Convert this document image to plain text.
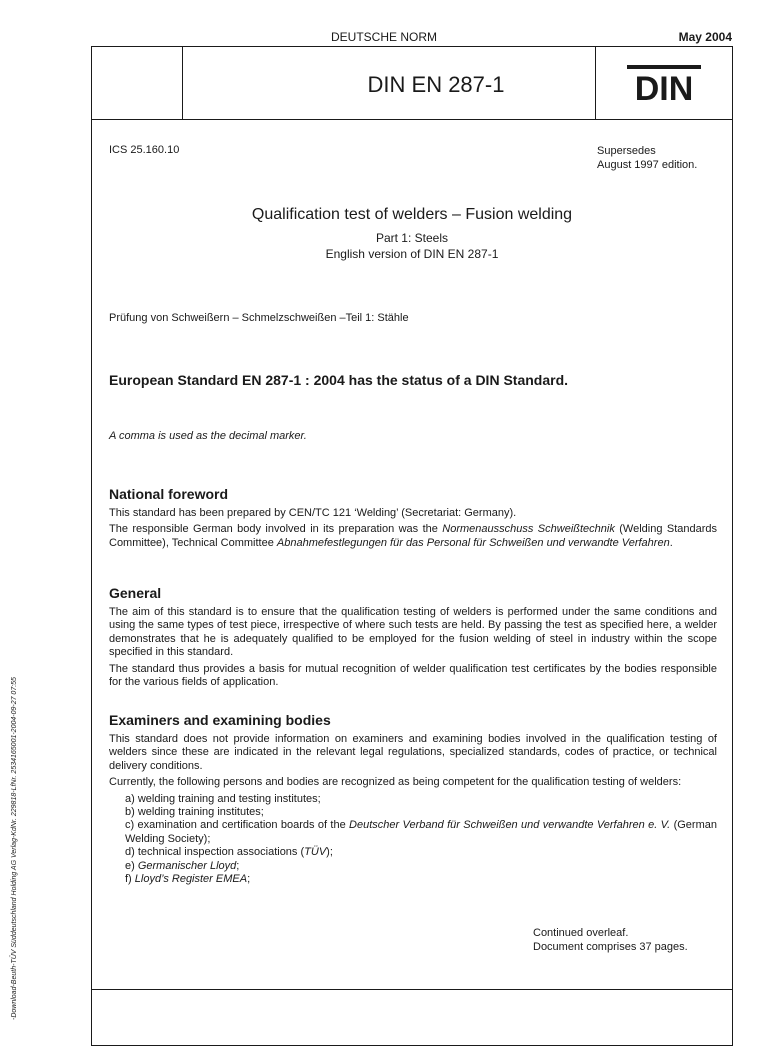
DEUTSCHE NORM	May 2004
DIN EN 287-1	DIN
ICS 25.160.10	Supersedes
August 1997 edition.
Qualification test of welders – Fusion welding
Part 1: Steels
English version of DIN EN 287-1
Prüfung von Schweißern – Schmelzschweißen –Teil 1: Stähle
European Standard EN 287-1 : 2004 has the status of a DIN Standard.
A comma is used as the decimal marker.
National foreword

This standard has been prepared by CEN/TC 121 ‘Welding’ (Secretariat: Germany).

The responsible German body involved in its preparation was the Normenausschuss Schweißtechnik (Welding Standards Committee), Technical Committee Abnahmefestlegungen für das Personal für Schweißen und verwandte Verfahren.

General

The aim of this standard is to ensure that the qualification testing of welders is performed under the same conditions and using the same types of test piece, irrespective of where such tests are held. By passing the test as specified here, a welder demonstrates that he is adequately qualified to be employed for the fusion welding of steel in industry within the scope specified in this standard.

The standard thus provides a basis for mutual recognition of welder qualification test certificates by the bodies responsible for the various fields of application.

Examiners and examining bodies

This standard does not provide information on examiners and examining bodies involved in the qualification testing of welders since these are indicated in the relevant legal regulations, specialized standards, codes of practice, or technical delivery conditions.

Currently, the following persons and bodies are recognized as being competent for the qualification testing of welders:

a) welding training and testing institutes;
b) welding training institutes;
c) examination and certification boards of the Deutscher Verband für Schweißen und verwandte Verfahren e. V. (German Welding Society);
d) technical inspection associations (TÜV);
e) Germanischer Lloyd;
f) Lloyd’s Register EMEA;
Continued overleaf.
Document comprises 37 pages.
-Download-Beuth-TÜV Süddeutschland Holding AG Verlag-KdNr. 229818-LfNr. 2534165001-2004-09-27 07:55
